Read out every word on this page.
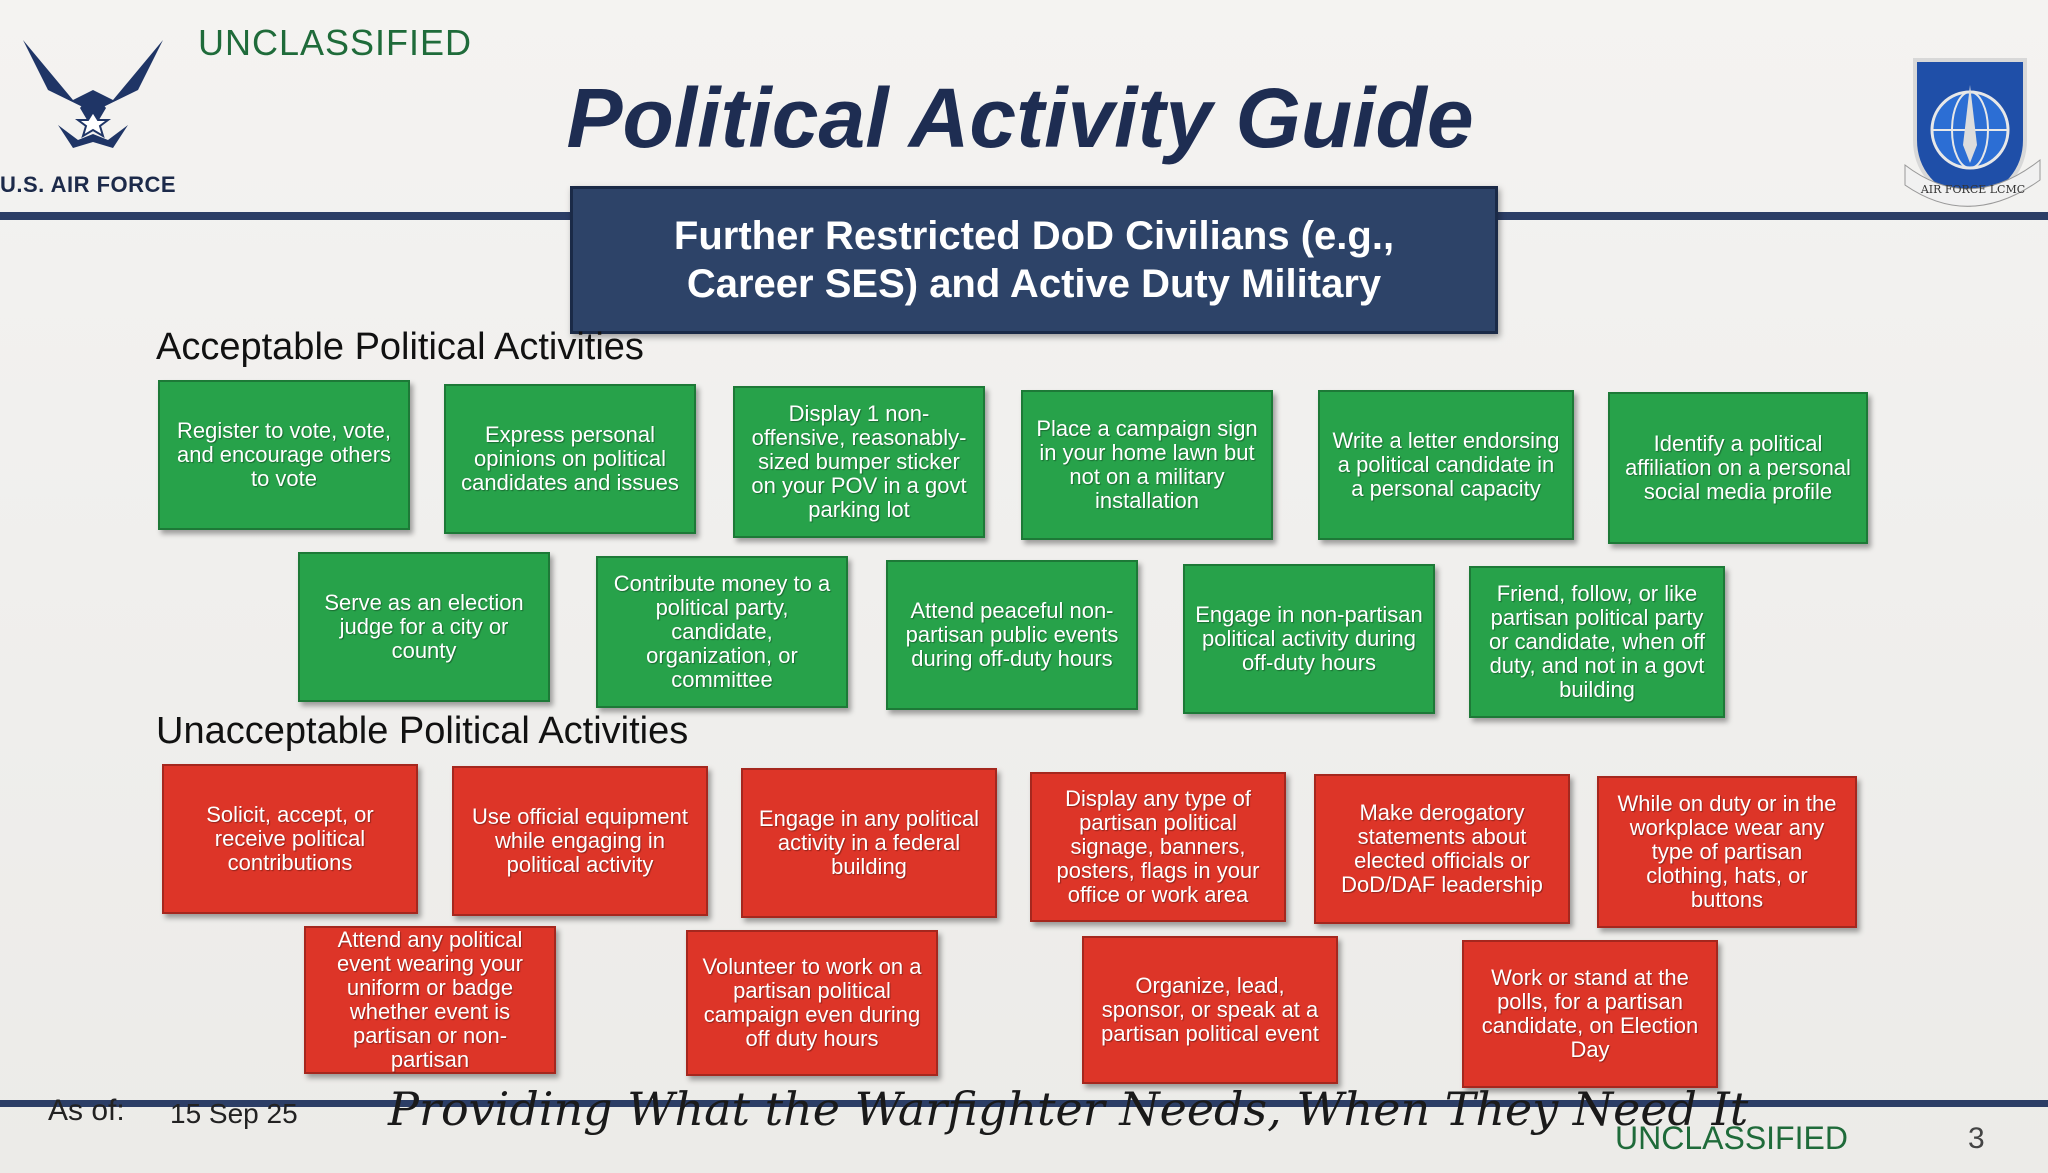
UNCLASSIFIED
U.S. AIR FORCE
Political Activity Guide
AIR FORCE LCMC
Further Restricted DoD Civilians (e.g., Career SES) and Active Duty Military
Acceptable Political Activities
Register to vote, vote, and encourage others to vote
Express personal opinions on political candidates and issues
Display 1 non-offensive, reasonably-sized bumper sticker on your POV in a govt parking lot
Place a campaign sign in your home lawn but not on a military installation
Write a letter endorsing a political candidate in a personal capacity
Identify a political affiliation on a personal social media profile
Serve as an election judge for a city or county
Contribute money to a political party, candidate, organization, or committee
Attend peaceful non-partisan public events during off-duty hours
Engage in non-partisan political activity during off-duty hours
Friend, follow, or like partisan political party or candidate, when off duty, and not in a govt building
Unacceptable Political Activities
Solicit, accept, or receive political contributions
Use official equipment while engaging in political activity
Engage in any political activity in a federal building
Display any type of partisan political signage, banners, posters, flags in your office or work area
Make derogatory statements about elected officials or DoD/DAF leadership
While on duty or in the workplace wear any type of partisan clothing, hats, or buttons
Attend any political event wearing your uniform or badge whether event is partisan or non-partisan
Volunteer to work on a partisan political campaign even during off duty hours
Organize, lead, sponsor, or speak at a partisan political event
Work or stand at the polls, for a partisan candidate, on Election Day
As of: 15 Sep 25 Providing What the Warfighter Needs, When They Need It
UNCLASSIFIED	3
